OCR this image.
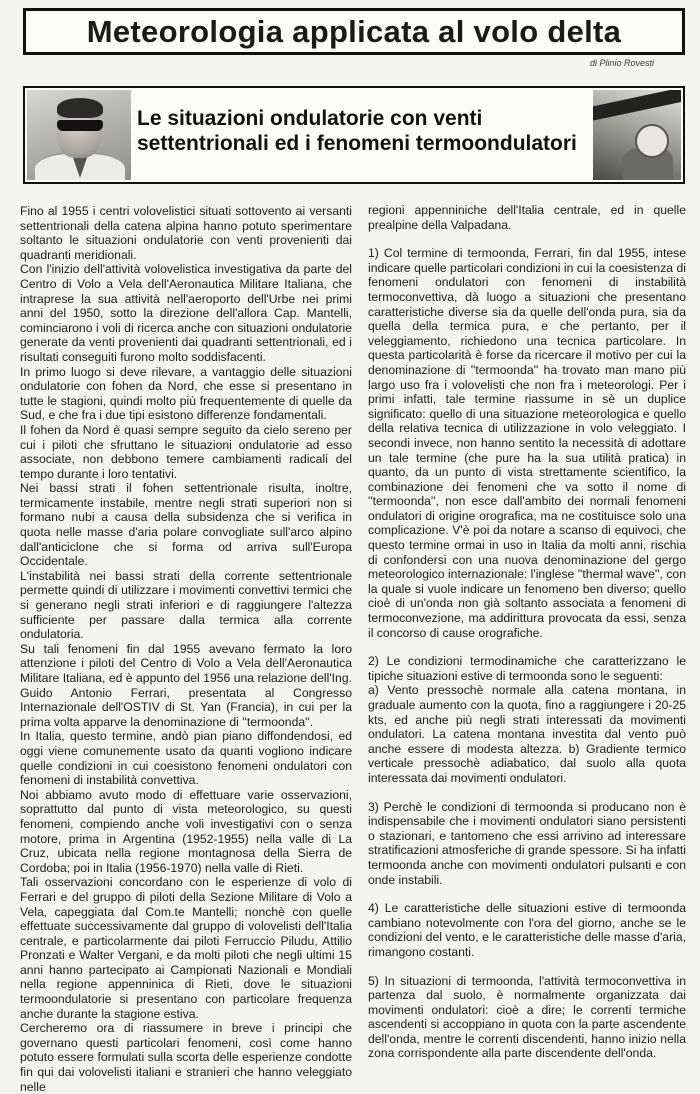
Meteorologia applicata al volo delta
di Plinio Rovesti
Le situazioni ondulatorie con venti settentrionali ed i fenomeni termoondulatori

Fino al 1955 i centri volovelistici situati sottovento ai versanti settentrionali della catena alpina hanno potuto sperimentare soltanto le situazioni ondulatorie con venti provenienti dai quadranti meridionali.

Con l'inizio dell'attività volovelistica investigativa da parte del Centro di Volo a Vela dell'Aeronautica Militare Italiana, che intraprese la sua attività nell'aeroporto dell'Urbe nei primi anni del 1950, sotto la direzione dell'allora Cap. Mantelli, cominciarono i voli di ricerca anche con situazioni ondulatorie generate da venti provenienti dai quadranti settentrionali, ed i risultati conseguiti furono molto soddisfacenti.

In primo luogo si deve rilevare, a vantaggio delle situazioni ondulatorie con fohen da Nord, che esse si presentano in tutte le stagioni, quindi molto più frequentemente di quelle da Sud, e che fra i due tipi esistono differenze fondamentali.

Il fohen da Nord è quasi sempre seguito da cielo sereno per cui i piloti che sfruttano le situazioni ondulatorie ad esso associate, non debbono temere cambiamenti radicali del tempo durante i loro tentativi.

Nei bassi strati il fohen settentrionale risulta, inoltre, termicamente instabile, mentre negli strati superiori non si formano nubi a causa della subsidenza che si verifica in quota nelle masse d'aria polare convogliate sull'arco alpino dall'anticiclone che si forma od arriva sull'Europa Occidentale.

L'instabilità nei bassi strati della corrente settentrionale permette quindi di utilizzare i movimenti convettivi termici che si generano negli strati inferiori e di raggiungere l'altezza sufficiente per passare dalla termica alla corrente ondulatoria.

Su tali fenomeni fin dal 1955 avevano fermato la loro attenzione i piloti del Centro di Volo a Vela dell'Aeronautica Militare Italiana, ed è appunto del 1956 una relazione dell'Ing. Guido Antonio Ferrari, presentata al Congresso Internazionale dell'OSTIV di St. Yan (Francia), in cui per la prima volta apparve la denominazione di ''termoonda''.

In Italia, questo termine, andò pian piano diffondendosi, ed oggi viene comunemente usato da quanti vogliono indicare quelle condizioni in cui coesistono fenomeni ondulatori con fenomeni di instabilità convettiva.

Noi abbiamo avuto modo di effettuare varie osservazioni, soprattutto dal punto di vista meteorologico, su questi fenomeni, compiendo anche voli investigativi con o senza motore, prima in Argentina (1952-1955) nella valle di La Cruz, ubicata nella regione montagnosa della Sierra de Cordoba; poi in Italia (1956-1970) nella valle di Rieti.

Tali osservazioni concordano con le esperienze di volo di Ferrari e del gruppo di piloti della Sezione Militare di Volo a Vela, capeggiata dal Com.te Mantelli; nonchè con quelle effettuate successivamente dal gruppo di volovelisti dell'Italia centrale, e particolarmente dai piloti Ferruccio Piludu, Attilio Pronzati e Walter Vergani, e da molti piloti che negli ultimi 15 anni hanno partecipato ai Campionati Nazionali e Mondiali nella regione appenninica di Rieti, dove le situazioni termoondulatorie si presentano con particolare frequenza anche durante la stagione estiva.

Cercheremo ora di riassumere in breve i principi che governano questi particolari fenomeni, così come hanno potuto essere formulati sulla scorta delle esperienze condotte fin qui dai volovelisti italiani e stranieri che hanno veleggiato nelle

regioni appenniniche dell'Italia centrale, ed in quelle prealpine della Valpadana.

1) Col termine di termoonda, Ferrari, fin dal 1955, intese indicare quelle particolari condizioni in cui la coesistenza di fenomeni ondulatori con fenomeni di instabilità termoconvettiva, dà luogo a situazioni che presentano caratteristiche diverse sia da quelle dell'onda pura, sia da quella della termica pura, e che pertanto, per il veleggiamento, richiedono una tecnica particolare. In questa particolarità è forse da ricercare il motivo per cui la denominazione di ''termoonda'' ha trovato man mano più largo uso fra i volovelisti che non fra i meteorologi. Per i primi infatti, tale termine riassume in sè un duplice significato: quello di una situazione meteorologica e quello della relativa tecnica di utilizzazione in volo veleggiato. I secondi invece, non hanno sentito la necessità di adottare un tale termine (che pure ha la sua utilità pratica) in quanto, da un punto di vista strettamente scientifico, la combinazione dei fenomeni che va sotto il nome di ''termoonda'', non esce dall'ambito dei normali fenomeni ondulatori di origine orografica, ma ne costituisce solo una complicazione. V'è poi da notare a scanso di equivoci, che questo termine ormai in uso in Italia da molti anni, rischia di confondersi con una nuova denominazione del gergo meteorologico internazionale: l'inglese ''thermal wave'', con la quale si vuole indicare un fenomeno ben diverso; quello cioè di un'onda non già soltanto associata a fenomeni di termoconvezione, ma addirittura provocata da essi, senza il concorso di cause orografiche.

2) Le condizioni termodinamiche che caratterizzano le tipiche situazioni estive di termoonda sono le seguenti:
a) Vento pressochè normale alla catena montana, in graduale aumento con la quota, fino a raggiungere i 20-25 kts, ed anche più negli strati interessati da movimenti ondulatori. La catena montana investita dal vento può anche essere di modesta altezza. b) Gradiente termico verticale pressochè adiabatico, dal suolo alla quota interessata dai movimenti ondulatori.

3) Perchè le condizioni di termoonda si producano non è indispensabile che i movimenti ondulatori siano persistenti o stazionari, e tantomeno che essi arrivino ad interessare stratificazioni atmosferiche di grande spessore. Si ha infatti termoonda anche con movimenti ondulatori pulsanti e con onde instabili.

4) Le caratteristiche delle situazioni estive di termoonda cambiano notevolmente con l'ora del giorno, anche se le condizioni del vento, e le caratteristiche delle masse d'aria, rimangono costanti.

5) In situazioni di termoonda, l'attività termoconvettiva in partenza dal suolo, è normalmente organizzata dai movimenti ondulatori: cioè a dire; le correnti termiche ascendenti si accoppiano in quota con la parte ascendente dell'onda, mentre le correnti discendenti, hanno inizio nella zona corrispondente alla parte discendente dell'onda.
